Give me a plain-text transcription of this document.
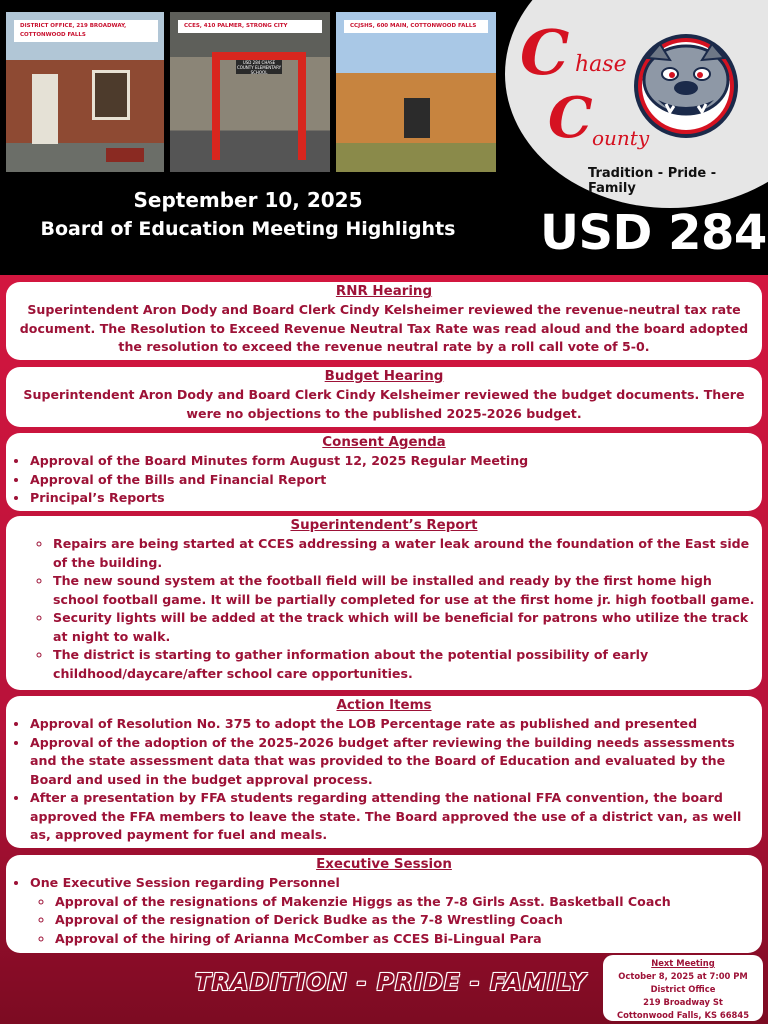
DISTRICT OFFICE, 219 BROADWAY, COTTONWOOD FALLS
USD 284 CHASE COUNTY ELEMENTARY SCHOOL
CCES, 410 PALMER, STRONG CITY	CCJSHS, 600 MAIN, COTTONWOOD FALLS C hase
C ounty
Tradition - Pride - Family
September 10, 2025
Board of Education Meeting Highlights	USD 284
RNR Hearing
Superintendent Aron Dody and Board Clerk Cindy Kelsheimer reviewed the revenue-neutral tax rate document. The Resolution to Exceed Revenue Neutral Tax Rate was read aloud and the board adopted the resolution to exceed the revenue neutral rate by a roll call vote of 5-0.
Budget Hearing
Superintendent Aron Dody and Board Clerk Cindy Kelsheimer reviewed the budget documents. There were no objections to the published 2025-2026 budget.
Consent Agenda
• Approval of the Board Minutes form August 12, 2025 Regular Meeting
• Approval of the Bills and Financial Report
• Principal’s Reports
Superintendent’s Report
◦ Repairs are being started at CCES addressing a water leak around the foundation of the East side of the building.
◦ The new sound system at the football field will be installed and ready by the first home high school football game. It will be partially completed for use at the first home jr. high football game.
◦ Security lights will be added at the track which will be beneficial for patrons who utilize the track at night to walk.
◦ The district is starting to gather information about the potential possibility of early childhood/daycare/after school care opportunities.
Action Items
• Approval of Resolution No. 375 to adopt the LOB Percentage rate as published and presented
• Approval of the adoption of the 2025-2026 budget after reviewing the building needs assessments and the state assessment data that was provided to the Board of Education and evaluated by the Board and used in the budget approval process.
• After a presentation by FFA students regarding attending the national FFA convention, the board approved the FFA members to leave the state. The Board approved the use of a district van, as well as, approved payment for fuel and meals.
Executive Session
• One Executive Session regarding Personnel
◦ Approval of the resignations of Makenzie Higgs as the 7-8 Girls Asst. Basketball Coach
◦ Approval of the resignation of Derick Budke as the 7-8 Wrestling Coach
◦ Approval of the hiring of Arianna McComber as CCES Bi-Lingual Para
TRADITION - PRIDE - FAMILY
Next Meeting
October 8, 2025 at 7:00 PM
District Office
219 Broadway St
Cottonwood Falls, KS 66845
